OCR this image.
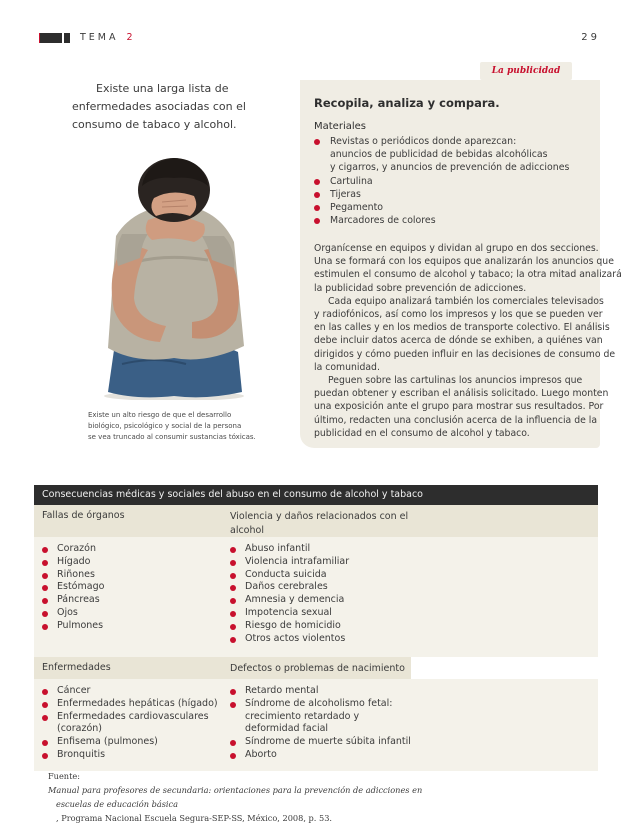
TEMA 2	29
Existe una larga lista de
enfermedades asociadas con el
consumo de tabaco y alcohol.
Existe un alto riesgo de que el desarrollo
biológico, psicológico y social de la persona
se vea truncado al consumir sustancias tóxicas.
La publicidad
Recopila, analiza y compara.
Materiales
Revistas o periódicos donde aparezcan:
anuncios de publicidad de bebidas alcohólicas
y cigarros, y anuncios de prevención de adicciones
Cartulina
Tijeras
Pegamento
Marcadores de colores
Organícense en equipos y dividan al grupo en dos secciones.
Una se formará con los equipos que analizarán los anuncios que
estimulen el consumo de alcohol y tabaco; la otra mitad analizará
la publicidad sobre prevención de adicciones.
Cada equipo analizará también los comerciales televisados
y radiofónicos, así como los impresos y los que se pueden ver
en las calles y en los medios de transporte colectivo. El análisis
debe incluir datos acerca de dónde se exhiben, a quiénes van
dirigidos y cómo pueden influir en las decisiones de consumo de
la comunidad.
Peguen sobre las cartulinas los anuncios impresos que
puedan obtener y escriban el análisis solicitado. Luego monten
una exposición ante el grupo para mostrar sus resultados. Por
último, redacten una conclusión acerca de la influencia de la
publicidad en el consumo de alcohol y tabaco.
Consecuencias médicas y sociales del abuso en el consumo de alcohol y tabaco
Fallas de órganos	Violencia y daños relacionados con el
alcohol
Corazón
Hígado
Riñones
Estómago
Páncreas
Ojos
Pulmones
Abuso infantil
Violencia intrafamiliar
Conducta suicida
Daños cerebrales
Amnesia y demencia
Impotencia sexual
Riesgo de homicidio
Otros actos violentos
Enfermedades	Defectos o problemas de nacimiento
Cáncer
Enfermedades hepáticas (hígado)
Enfermedades cardiovasculares
(corazón)
Enfisema (pulmones)
Bronquitis
Retardo mental
Síndrome de alcoholismo fetal:
crecimiento retardado y
deformidad facial
Síndrome de muerte súbita infantil
Aborto
Fuente:
Manual para profesores de secundaria: orientaciones para la prevención de adicciones en
escuelas de educación básica
, Programa Nacional Escuela Segura-SEP-SS, México, 2008, p. 53.
